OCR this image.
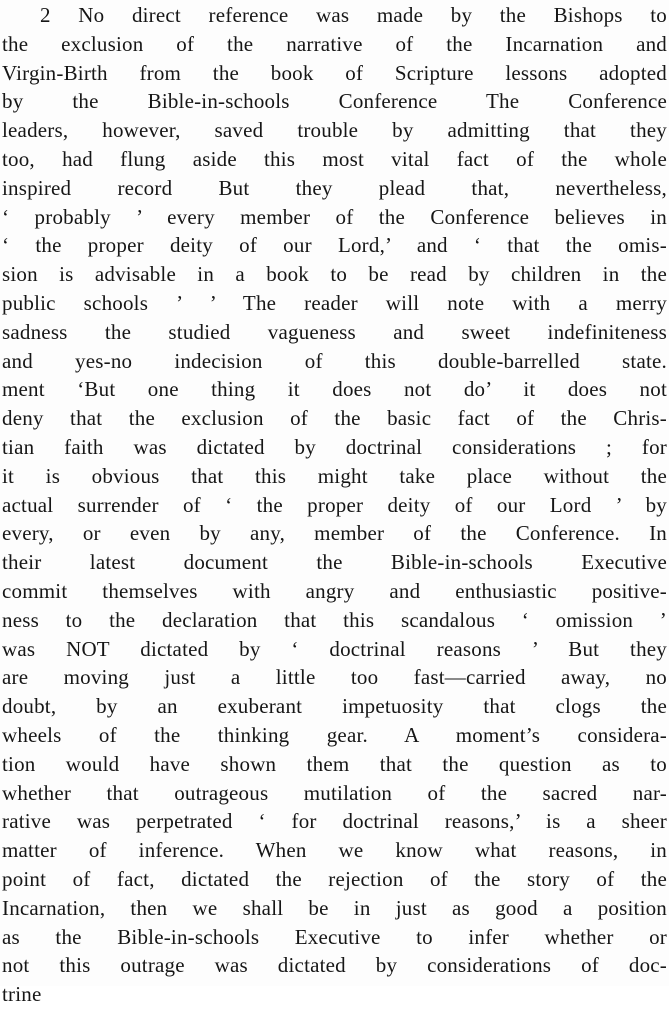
2 No direct reference was made by the Bishops to
the exclusion of the narrative of the Incarnation and
Virgin-Birth from the book of Scripture lessons adopted
by the Bible-in-schools Conference The Conference
leaders, however, saved trouble by admitting that they
too, had flung aside this most vital fact of the whole
inspired record But they plead that, nevertheless,
‘ probably ’ every member of the Conference believes in
‘ the proper deity of our Lord,’ and ‘ that the omis-
sion is advisable in a book to be read by children in the
public schools ’ ’ The reader will note with a merry
sadness the studied vagueness and sweet indefiniteness
and yes-no indecision of this double-barrelled state.
ment ‘But one thing it does not do’ it does not
deny that the exclusion of the basic fact of the Chris-
tian faith was dictated by doctrinal considerations ; for
it is obvious that this might take place without the
actual surrender of ‘ the proper deity of our Lord ’ by
every, or even by any, member of the Conference. In
their latest document the Bible-in-schools Executive
commit themselves with angry and enthusiastic positive-
ness to the declaration that this scandalous ‘ omission ’
was NOT dictated by ‘ doctrinal reasons ’ But they
are moving just a little too fast—carried away, no
doubt, by an exuberant impetuosity that clogs the
wheels of the thinking gear. A moment’s considera-
tion would have shown them that the question as to
whether that outrageous mutilation of the sacred nar-
rative was perpetrated ‘ for doctrinal reasons,’ is a sheer
matter of inference. When we know what reasons, in
point of fact, dictated the rejection of the story of the
Incarnation, then we shall be in just as good a position
as the Bible-in-schools Executive to infer whether or
not this outrage was dictated by considerations of doc-
trine
